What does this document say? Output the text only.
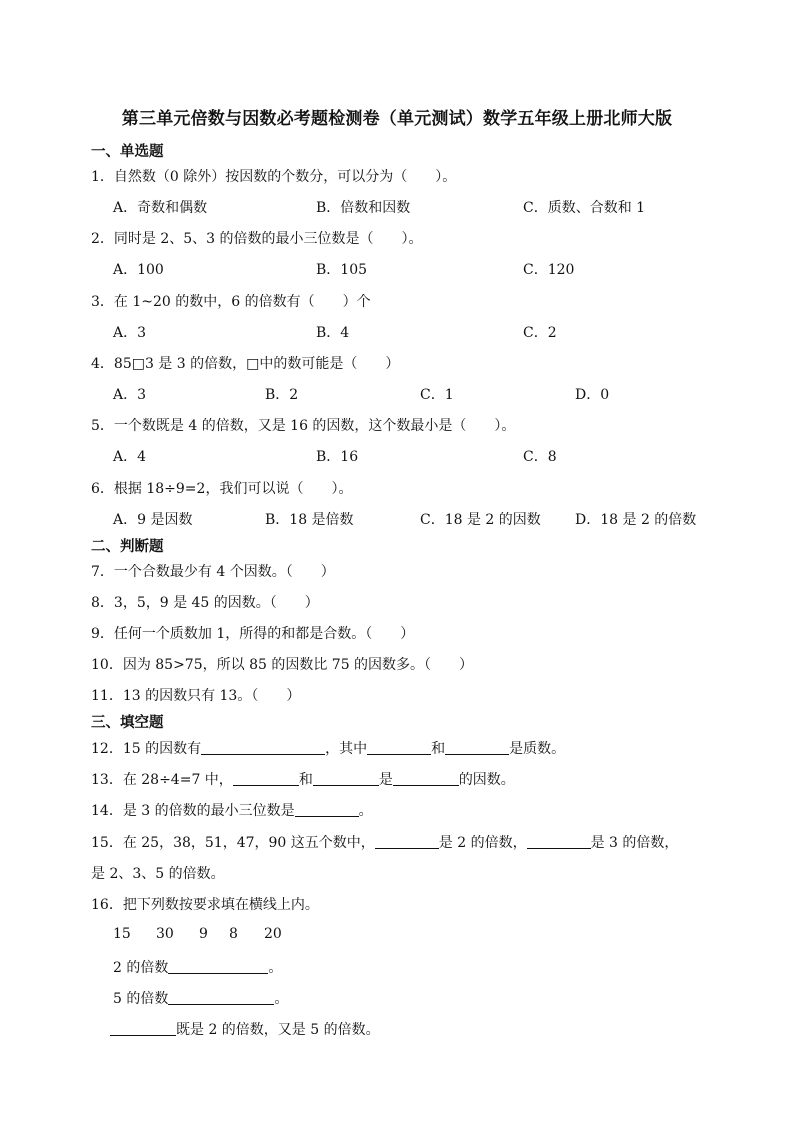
第三单元倍数与因数必考题检测卷（单元测试）数学五年级上册北师大版
一、单选题
1．自然数（0 除外）按因数的个数分，可以分为（　　）。
A．奇数和偶数	B．倍数和因数	C．质数、合数和 1
2．同时是 2、5、3 的倍数的最小三位数是（　　）。
A．100	B．105	C．120
3．在 1~20 的数中，6 的倍数有（　　）个
A．3	B．4	C．2
4．85□3 是 3 的倍数，□中的数可能是（　　）
A．3	B．2	C．1	D．0
5．一个数既是 4 的倍数，又是 16 的因数，这个数最小是（　　）。
A．4	B．16	C．8
6．根据 18÷9=2，我们可以说（　　）。
A．9 是因数	B．18 是倍数	C．18 是 2 的因数 D．18 是 2 的倍数
二、判断题
7．一个合数最少有 4 个因数。（　　）
8．3，5，9 是 45 的因数。（　　）
9．任何一个质数加 1，所得的和都是合数。（　　）
10．因为 85>75，所以 85 的因数比 75 的因数多。（　　）
11．13 的因数只有 13。（　　）
三、填空题
12．15 的因数有	，其中	和	是质数。
13．在 28÷4=7 中，	和	是	的因数。
14．是 3 的倍数的最小三位数是	。
15．在 25，38，51，47，90 这五个数中，	是 2 的倍数，	是 3 的倍数，
是 2、3、5 的倍数。
16．把下列数按要求填在横线上内。
15 30 9 8 20
2 的倍数	。
5 的倍数	。
既是 2 的倍数，又是 5 的倍数。
